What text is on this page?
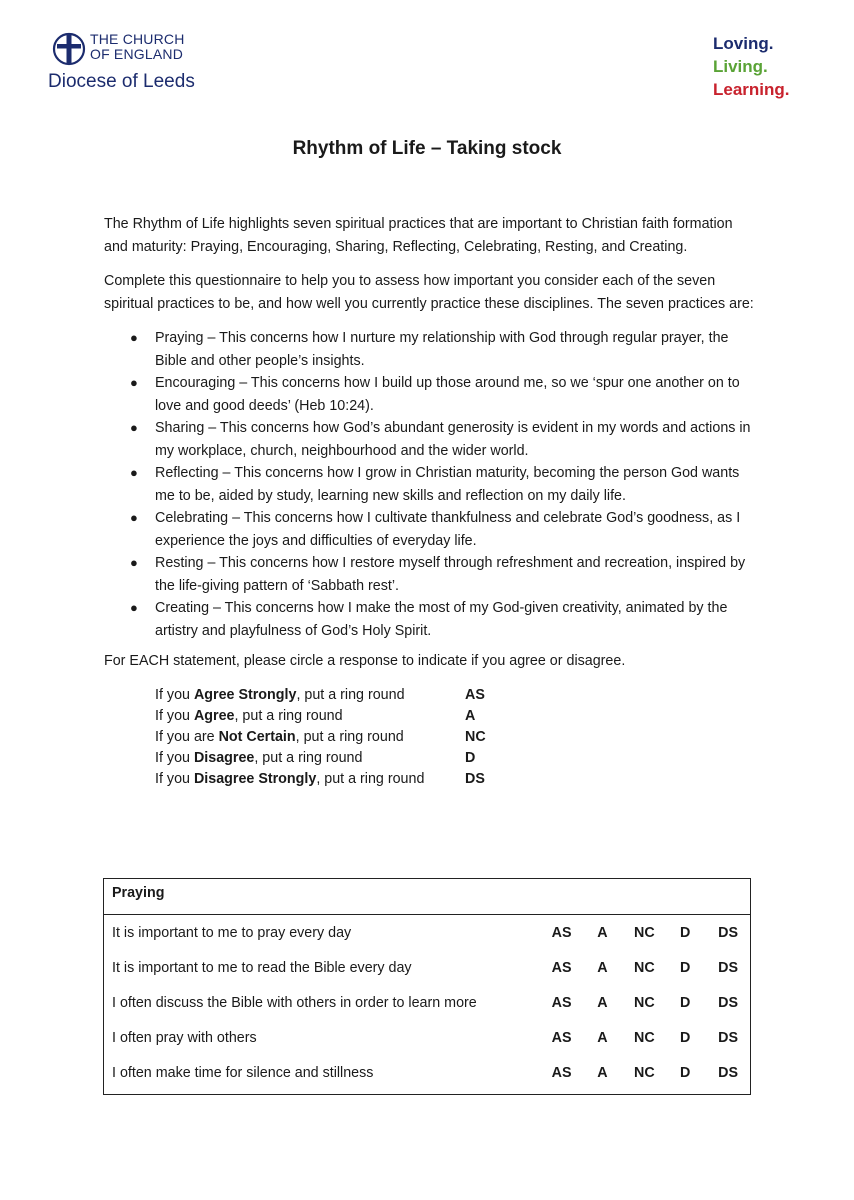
THE CHURCH
OF ENGLAND
Diocese of Leeds
Loving.
Living.
Learning.
Rhythm of Life – Taking stock

The Rhythm of Life highlights seven spiritual practices that are important to Christian faith formation and maturity: Praying, Encouraging, Sharing, Reflecting, Celebrating, Resting, and Creating.

Complete this questionnaire to help you to assess how important you consider each of the seven spiritual practices to be, and how well you currently practice these disciplines. The seven practices are:

● Praying – This concerns how I nurture my relationship with God through regular prayer, the Bible and other people’s insights.
● Encouraging – This concerns how I build up those around me, so we ‘spur one another on to love and good deeds’ (Heb 10:24).
● Sharing – This concerns how God’s abundant generosity is evident in my words and actions in my workplace, church, neighbourhood and the wider world.
● Reflecting – This concerns how I grow in Christian maturity, becoming the person God wants me to be, aided by study, learning new skills and reflection on my daily life.
● Celebrating – This concerns how I cultivate thankfulness and celebrate God’s goodness, as I experience the joys and difficulties of everyday life.
● Resting – This concerns how I restore myself through refreshment and recreation, inspired by the life-giving pattern of ‘Sabbath rest’.
● Creating – This concerns how I make the most of my God-given creativity, animated by the artistry and playfulness of God’s Holy Spirit.

For EACH statement, please circle a response to indicate if you agree or disagree.

If you Agree Strongly, put a ring round	AS
If you Agree, put a ring round	A
If you are Not Certain, put a ring round	NC
If you Disagree, put a ring round	D
If you Disagree Strongly, put a ring round	DS
Praying
It is important to me to pray every day	AS	A	NC	D	DS
It is important to me to read the Bible every day	AS	A	NC	D	DS
I often discuss the Bible with others in order to learn more	AS	A	NC	D	DS
I often pray with others	AS	A	NC	D	DS
I often make time for silence and stillness	AS	A	NC	D	DS
